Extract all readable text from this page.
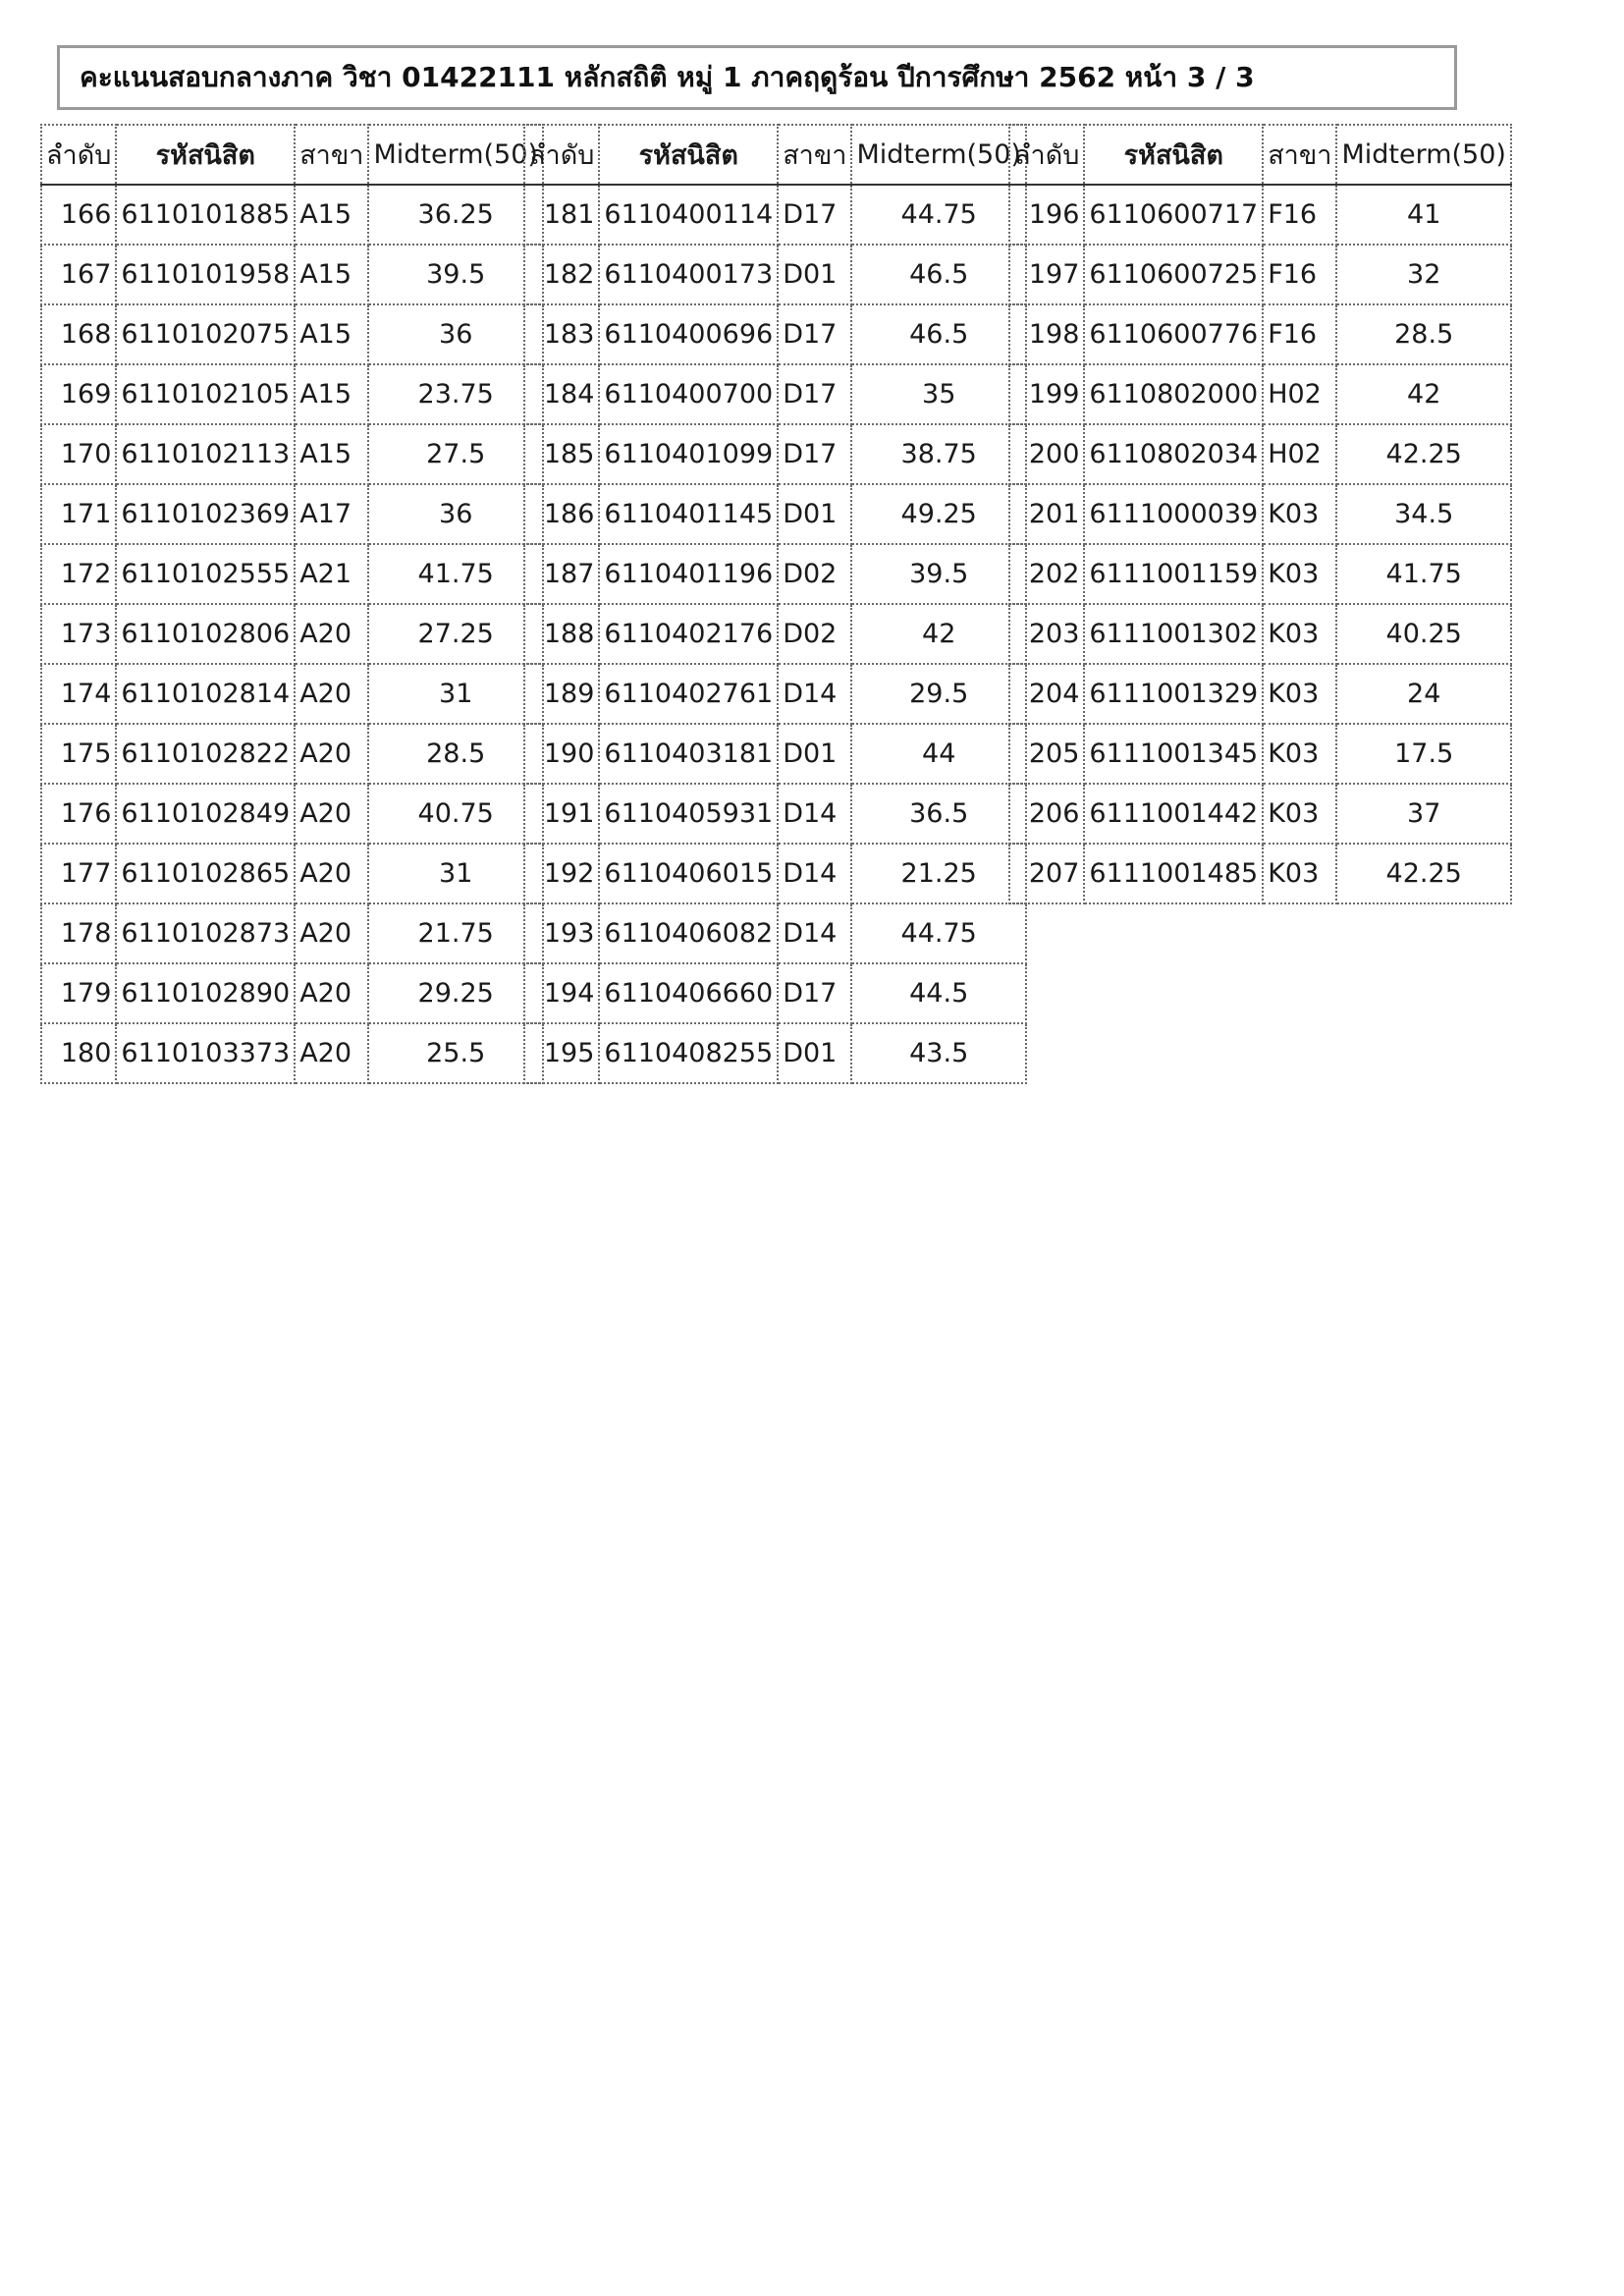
คะแนนสอบกลางภาค วิชา 01422111 หลักสถิติ หมู่ 1 ภาคฤดูร้อน ปีการศึกษา 2562 หน้า 3 / 3
ลำดับ	รหัสนิสิต	สาขา	Midterm(50)
166	6110101885	A15	36.25
167	6110101958	A15	39.5
168	6110102075	A15	36
169	6110102105	A15	23.75
170	6110102113	A15	27.5
171	6110102369	A17	36
172	6110102555	A21	41.75
173	6110102806	A20	27.25
174	6110102814	A20	31
175	6110102822	A20	28.5
176	6110102849	A20	40.75
177	6110102865	A20	31
178	6110102873	A20	21.75
179	6110102890	A20	29.25
180	6110103373	A20	25.5
ลำดับ	รหัสนิสิต	สาขา	Midterm(50)
181	6110400114	D17	44.75
182	6110400173	D01	46.5
183	6110400696	D17	46.5
184	6110400700	D17	35
185	6110401099	D17	38.75
186	6110401145	D01	49.25
187	6110401196	D02	39.5
188	6110402176	D02	42
189	6110402761	D14	29.5
190	6110403181	D01	44
191	6110405931	D14	36.5
192	6110406015	D14	21.25
193	6110406082	D14	44.75
194	6110406660	D17	44.5
195	6110408255	D01	43.5
ลำดับ	รหัสนิสิต	สาขา	Midterm(50)
196	6110600717	F16	41
197	6110600725	F16	32
198	6110600776	F16	28.5
199	6110802000	H02	42
200	6110802034	H02	42.25
201	6111000039	K03	34.5
202	6111001159	K03	41.75
203	6111001302	K03	40.25
204	6111001329	K03	24
205	6111001345	K03	17.5
206	6111001442	K03	37
207	6111001485	K03	42.25
